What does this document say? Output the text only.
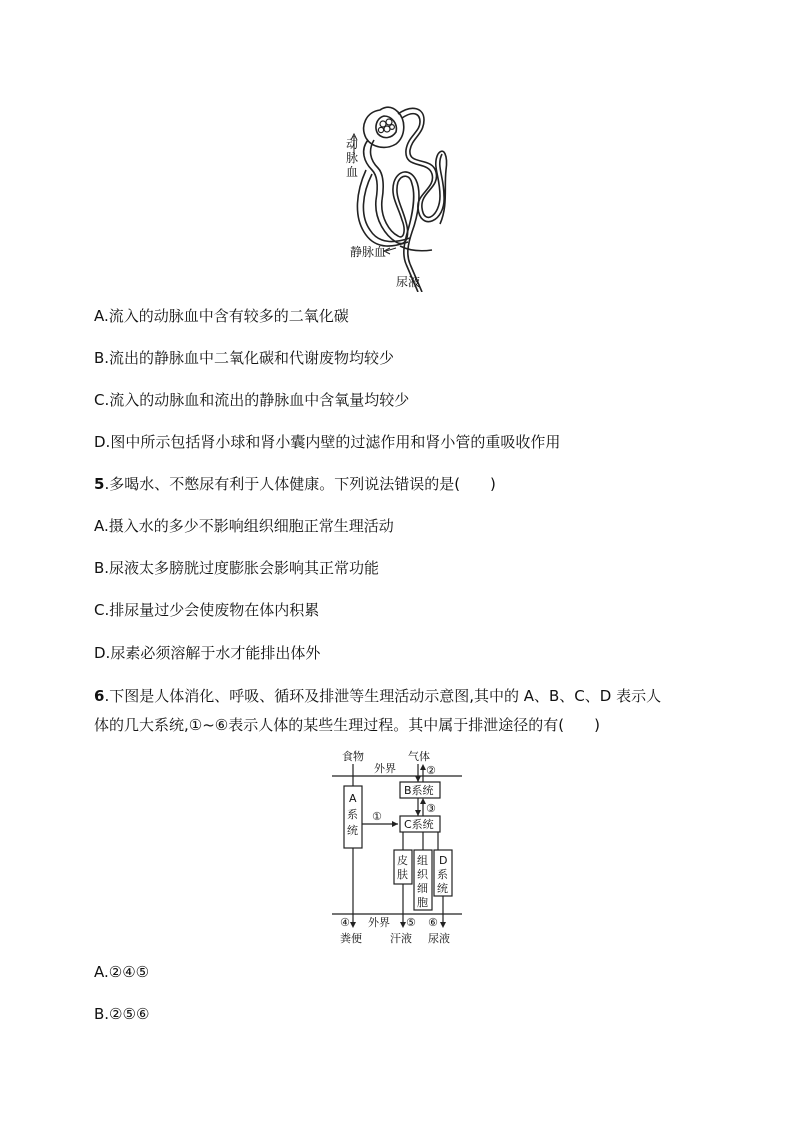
动
脉
血
静脉血
尿液

A.流入的动脉血中含有较多的二氧化碳

B.流出的静脉血中二氧化碳和代谢废物均较少

C.流入的动脉血和流出的静脉血中含氧量均较少

D.图中所示包括肾小球和肾小囊内壁的过滤作用和肾小管的重吸收作用

5.多喝水、不憋尿有利于人体健康。下列说法错误的是(　　)

A.摄入水的多少不影响组织细胞正常生理活动

B.尿液太多膀胱过度膨胀会影响其正常功能

C.排尿量过少会使废物在体内积累

D.尿素必须溶解于水才能排出体外

6.下图是人体消化、呼吸、循环及排泄等生理活动示意图,其中的 A、B、C、D 表示人

体的几大系统,①~⑥表示人体的某些生理过程。其中属于排泄途径的有(　　)

食物
外界
气体
②
B系统
③
C系统
①
A
系
统
皮
肤
组
织
细
胞
D
系
统
④ 外界 ⑤ ⑥
粪便	汗液 尿液

A.②④⑤

B.②⑤⑥
